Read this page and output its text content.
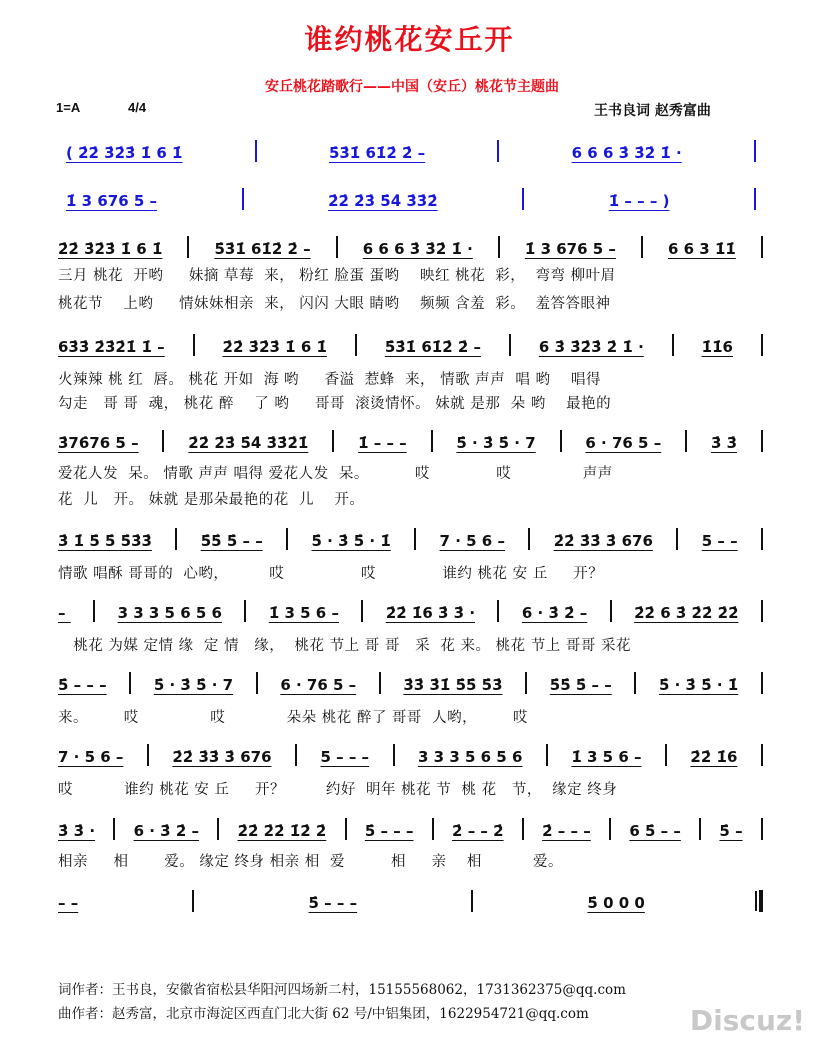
谁约桃花安丘开
安丘桃花踏歌行——中国（安丘）桃花节主题曲
1=A	4/4	王书良词 赵秀富曲
( 2̇2̇ 3̇2̇3̇ 1̇ 6 1̇	5̇3̇1̇ 61̇2̇ 2̇ –	6 6 6 3̇ 3̇2̇ 1̇ ·
1̇ 3 676 5 –	2̇2̇ 2̇3̇ 5̇4̇ 3̇3̇2̇	1̇ – – – )
2̇2̇ 3̇2̇3̇ 1̇ 6 1̇	5̇3̇1̇ 61̇2̇ 2̇ –	6 6 6 3̇ 3̇2̇ 1̇ ·	1̇ 3 676 5 –	6 6 3 1̇1̇
三月 桃花  开哟     妹摘 草莓  来， 粉红 脸蛋 蛋哟    映红 桃花  彩，  弯弯 柳叶眉
桃花节    上哟     情妹妹相亲  来， 闪闪 大眼 睛哟    频频 含羞  彩。  羞答答眼神
63̇3̇ 2̇3̇2̇1̇ 1̇ –	2̇2̇ 3̇2̇3̇ 1̇ 6 1̇	5̇3̇1̇ 61̇2̇ 2̇ –	6 3̇ 3̇2̇3̇ 2̇ 1̇ ·	1̇1̇6
火辣辣 桃 红  唇。 桃花 开如  海 哟     香溢  惹蜂  来， 情歌 声声  唱 哟    唱得
勾走   哥 哥  魂， 桃花 醉    了 哟     哥哥  滚烫情怀。 妹就 是那  朵 哟    最艳的
3̇76̇76 5 –	2̇2̇ 2̇3̇ 5̇4̇ 3̇3̇2̇1̇	1̇ – – –	5̇ · 3̇ 5̇ · 7	6 · 76 5 –	3̇ 3̇
爱花人发  呆。 情歌 声声 唱得 爱花人发  呆。         哎             哎              声声
花  儿   开。 妹就 是那朵最艳的花  儿    开。
3̇ 1̇ 5̇ 5̇ 5̇3̇3̇	5̇5̇ 5̇ – –	5̇ · 3̇ 5̇ · 1̇	7 · 5 6 –	2̇2̇ 3̇3̇ 3̇ 676	5 – –
情歌 唱酥 哥哥的  心哟，        哎               哎             谁约 桃花 安 丘     开？
–	3 3 3 5 6 5 6	1̇ 3 5 6 –	2̇2̇ 1̇6 3̇ 3̇ ·	6 · 3̇ 2̇ –	2̇2̇ 6 3̇ 2̇2̇ 2̇2̇
桃花 为媒 定情 缘  定 情   缘，  桃花 节上 哥 哥   采  花 来。 桃花 节上 哥哥 采花
5̇ – – –	5̇ · 3̇ 5̇ · 7	6 · 76 5 –	3̇3̇ 3̇1̇ 5̇5̇ 5̇3̇	5̇5̇ 5̇ – –	5̇ · 3̇ 5̇ · 1̇
来。       哎              哎            朵朵 桃花 醉了 哥哥  人哟，       哎
7 · 5 6 –	2̇2̇ 3̇3̇ 3̇ 676	5 – – –	3 3 3 5 6 5 6	1̇ 3 5 6 –	2̇2̇ 1̇6
哎          谁约 桃花 安 丘     开？        约好  明年 桃花 节  桃 花   节，  缘定 终身
3̇ 3̇ ·	6 · 3̇ 2̇ –	2̇2̇ 2̇2̇ 1̇2̇ 2̇	5̇ – – –	2̇ – – 2̇	2̇ – – –	6 5̇ – –	5̇ –
相亲     相       爱。 缘定 终身 相亲 相  爱         相     亲    相          爱。
– –	5̇ – – –	5̇ 0 0 0
词作者：王书良，安徽省宿松县华阳河四场新二村，15155568062，1731362375@qq.com
曲作者：赵秀富，北京市海淀区西直门北大街 62 号/中铝集团，1622954721@qq.com	Discuz!
